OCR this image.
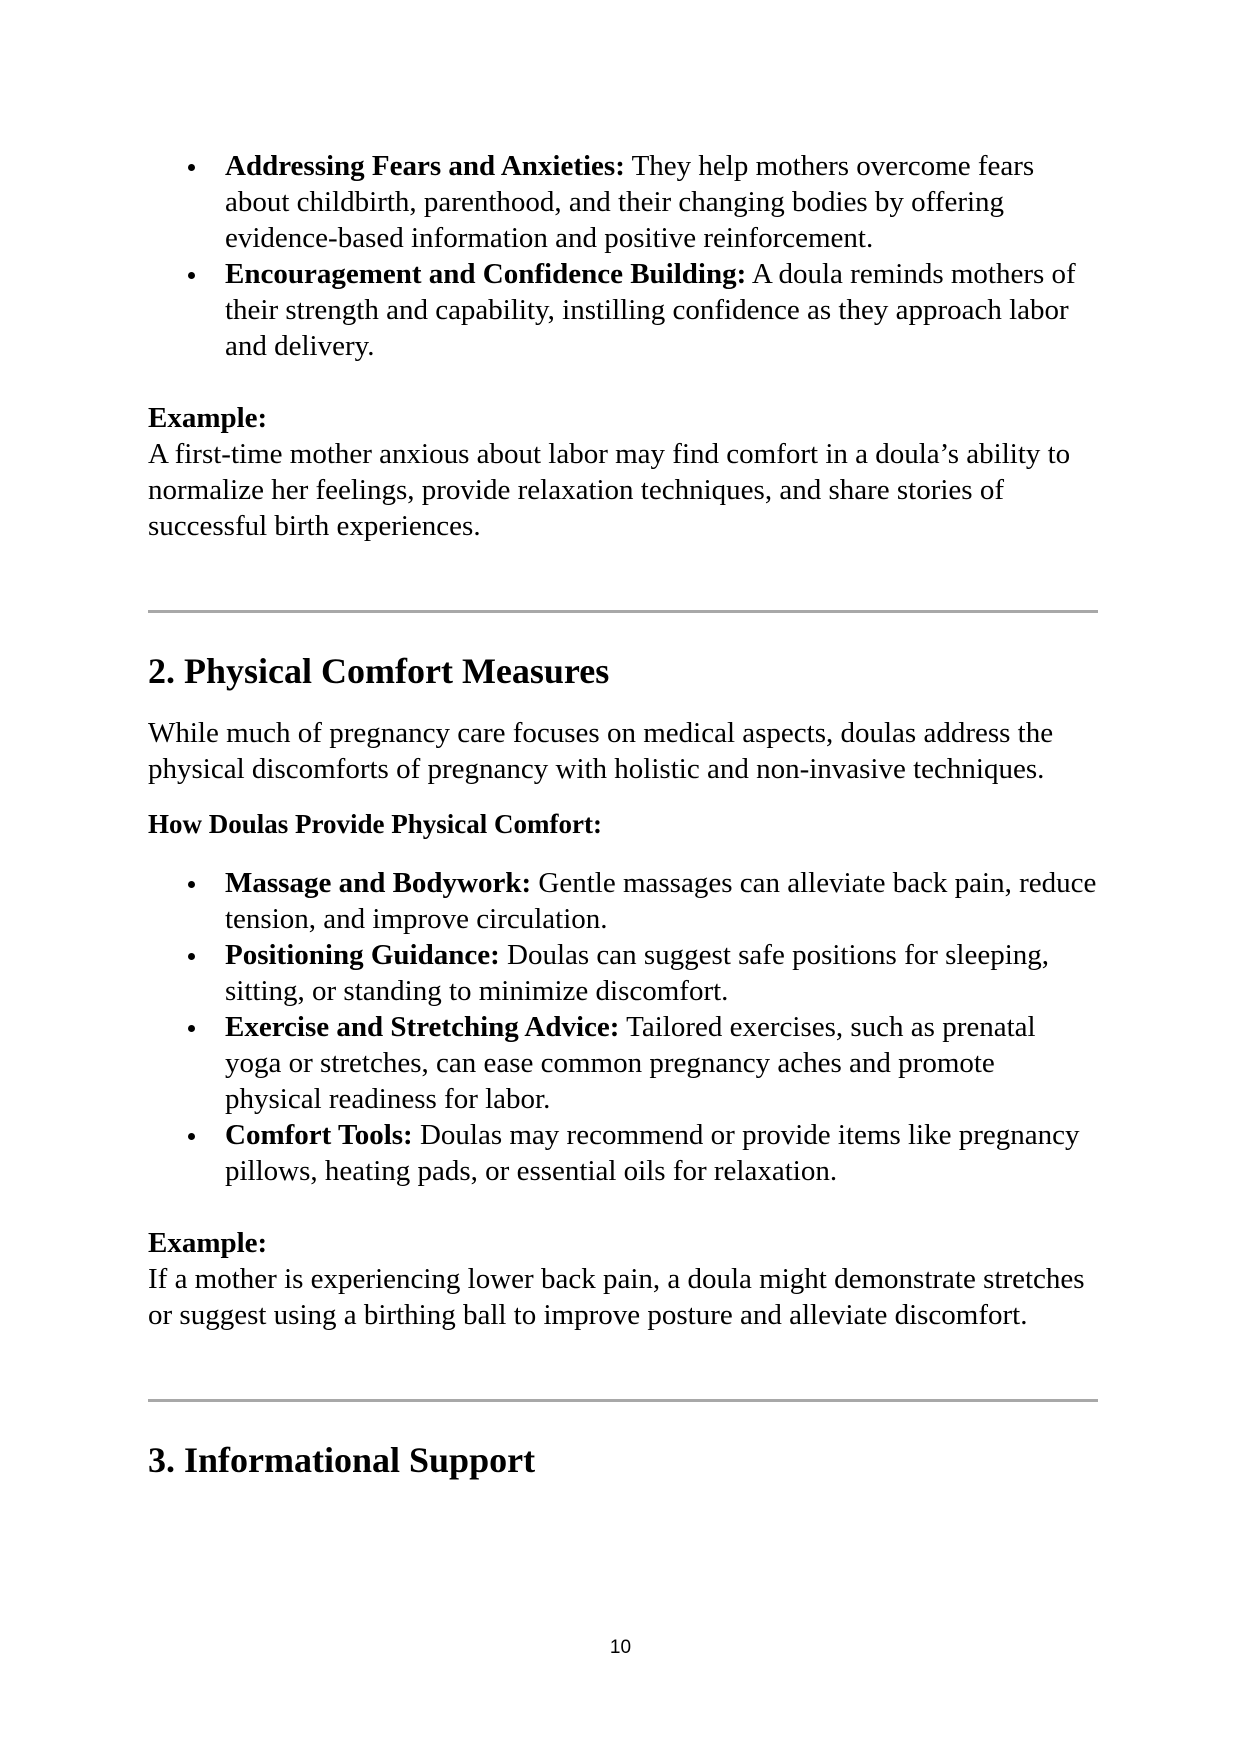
Addressing Fears and Anxieties: They help mothers overcome fears about childbirth, parenthood, and their changing bodies by offering evidence-based information and positive reinforcement.
Encouragement and Confidence Building: A doula reminds mothers of their strength and capability, instilling confidence as they approach labor and delivery.

Example:

A first-time mother anxious about labor may find comfort in a doula’s ability to normalize her feelings, provide relaxation techniques, and share stories of successful birth experiences.

2. Physical Comfort Measures

While much of pregnancy care focuses on medical aspects, doulas address the physical discomforts of pregnancy with holistic and non-invasive techniques.

How Doulas Provide Physical Comfort:

Massage and Bodywork: Gentle massages can alleviate back pain, reduce tension, and improve circulation.
Positioning Guidance: Doulas can suggest safe positions for sleeping, sitting, or standing to minimize discomfort.
Exercise and Stretching Advice: Tailored exercises, such as prenatal yoga or stretches, can ease common pregnancy aches and promote physical readiness for labor.
Comfort Tools: Doulas may recommend or provide items like pregnancy pillows, heating pads, or essential oils for relaxation.

Example:

If a mother is experiencing lower back pain, a doula might demonstrate stretches or suggest using a birthing ball to improve posture and alleviate discomfort.

3. Informational Support
10
